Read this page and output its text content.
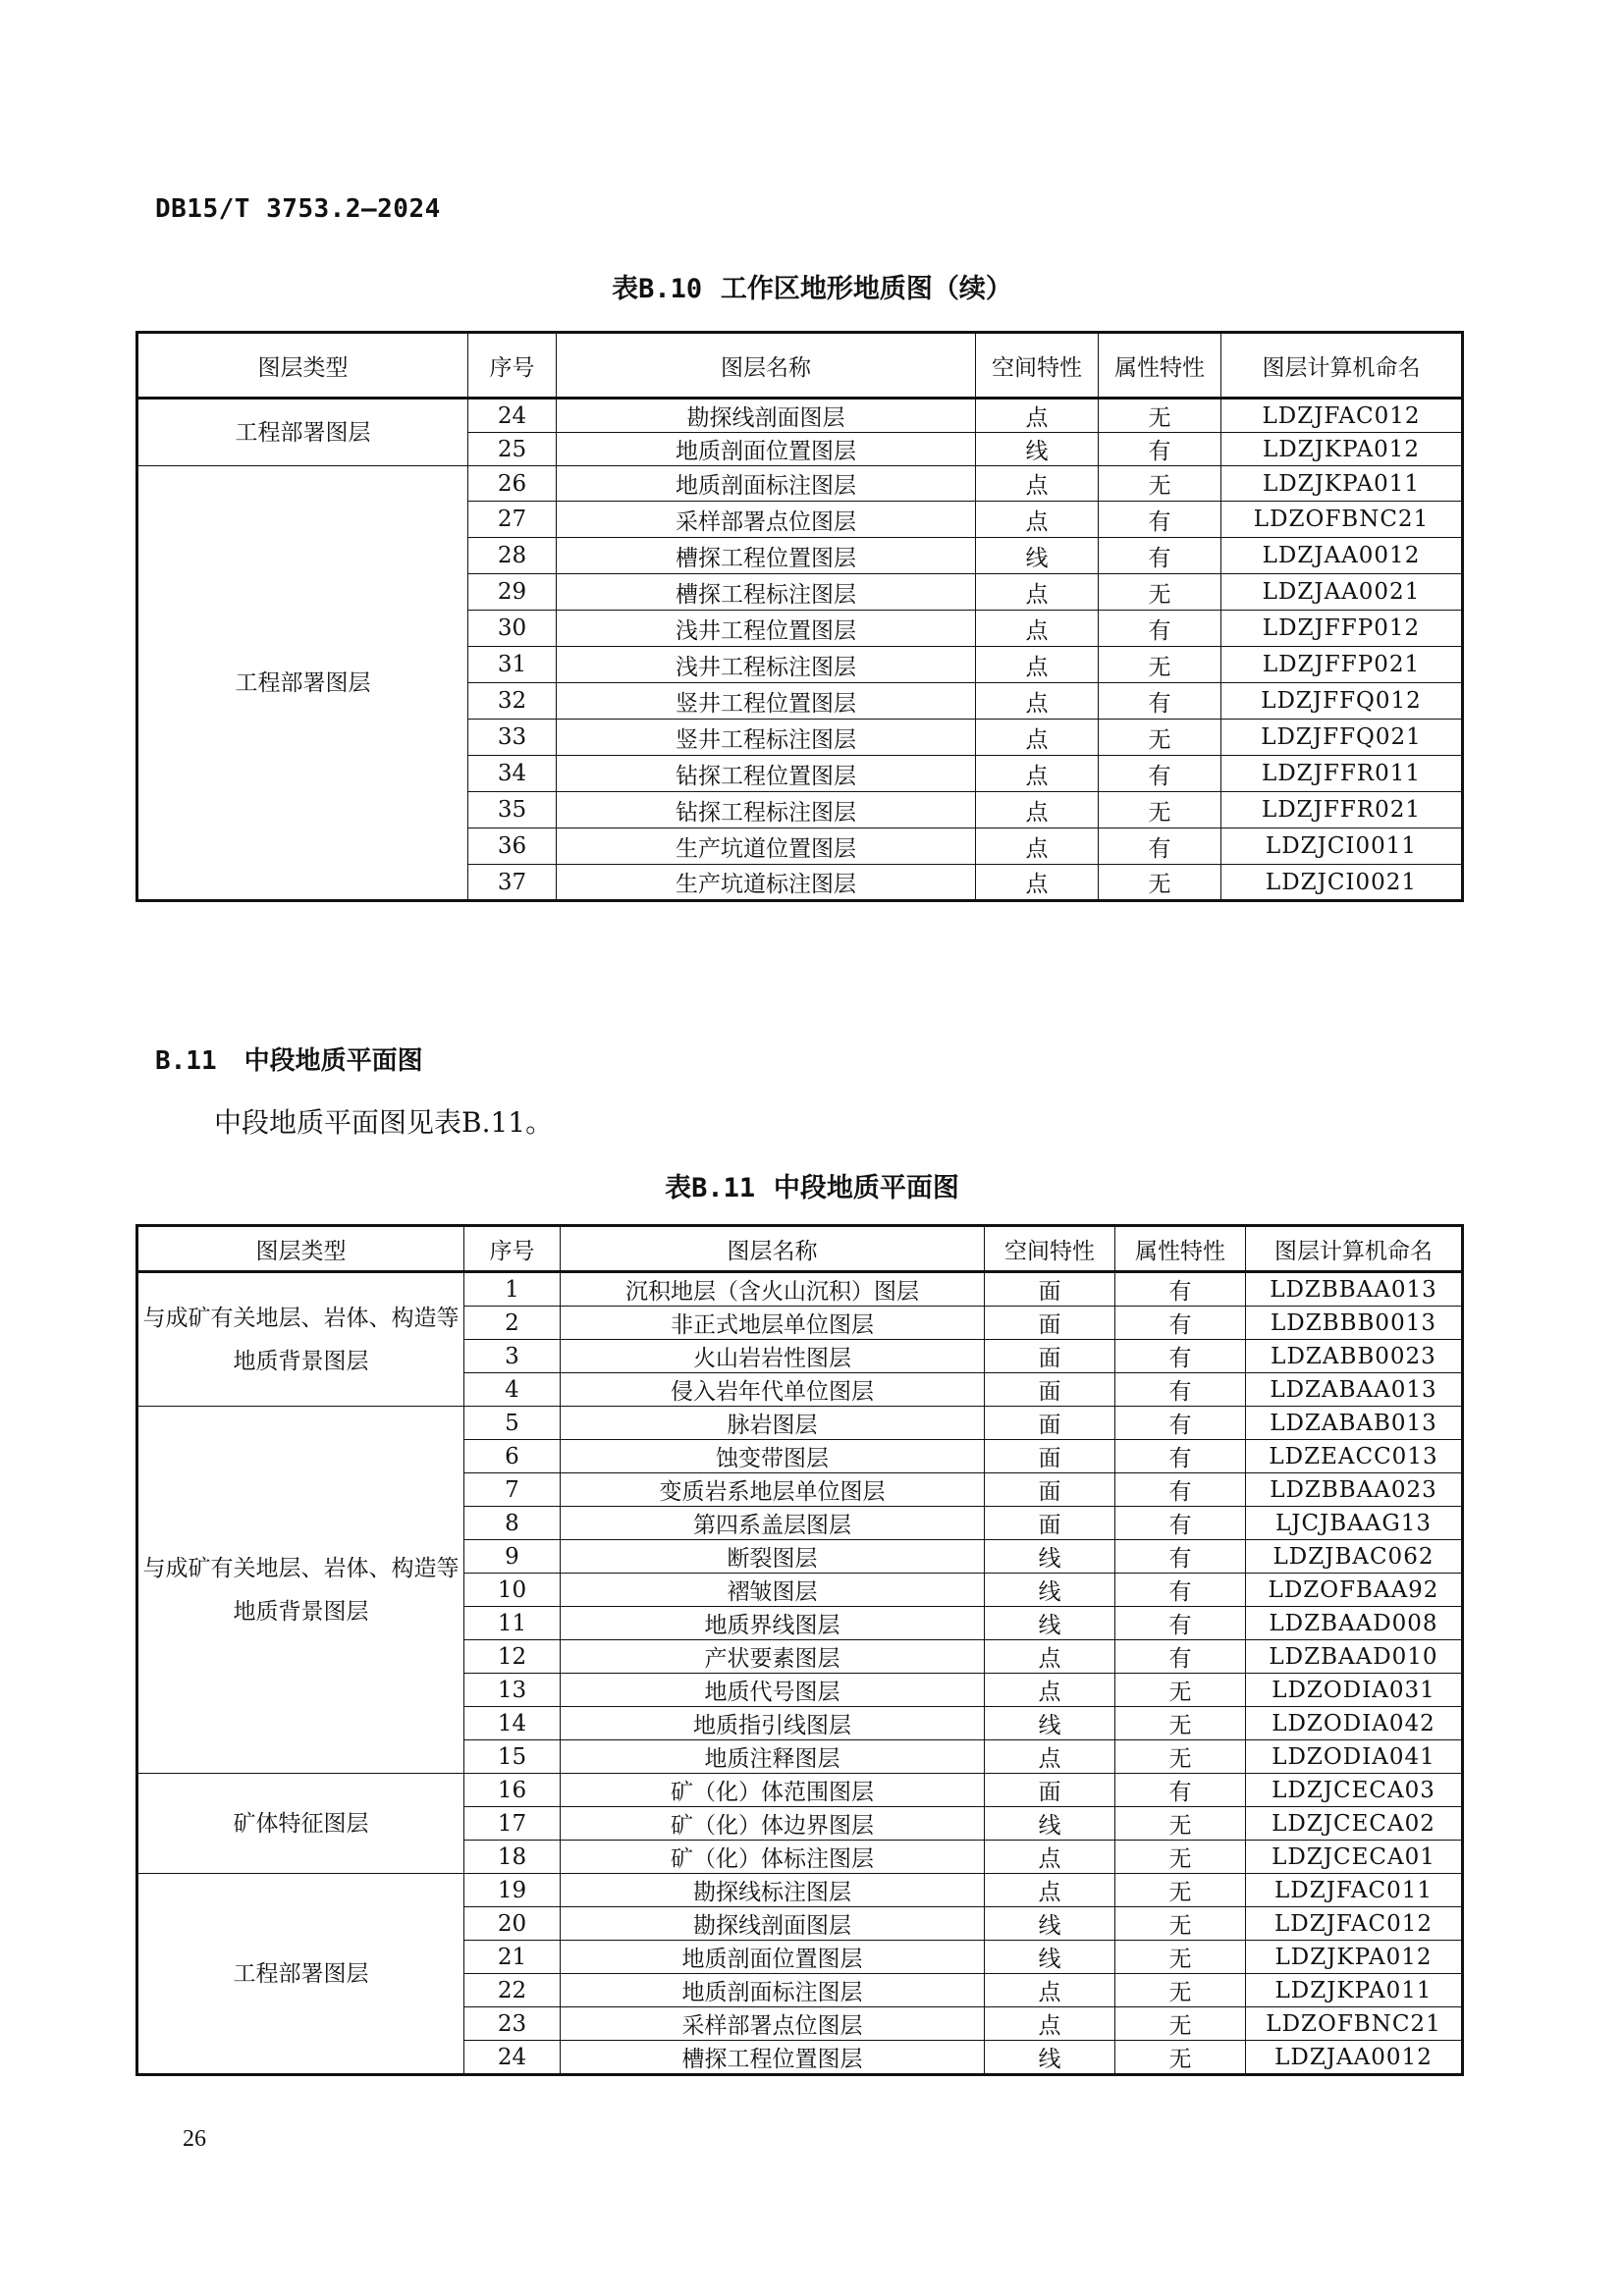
DB15/T 3753.2—2024
表B.10 工作区地形地质图（续）
图层类型	序号	图层名称	空间特性	属性特性	图层计算机命名
工程部署图层	24	勘探线剖面图层	点	无	LDZJFAC012
	25	地质剖面位置图层	线	有	LDZJKPA012
工程部署图层	26	地质剖面标注图层	点	无	LDZJKPA011
	27	采样部署点位图层	点	有	LDZOFBNC21
	28	槽探工程位置图层	线	有	LDZJAA0012
	29	槽探工程标注图层	点	无	LDZJAA0021
	30	浅井工程位置图层	点	有	LDZJFFP012
	31	浅井工程标注图层	点	无	LDZJFFP021
	32	竖井工程位置图层	点	有	LDZJFFQ012
	33	竖井工程标注图层	点	无	LDZJFFQ021
	34	钻探工程位置图层	点	有	LDZJFFR011
	35	钻探工程标注图层	点	无	LDZJFFR021
	36	生产坑道位置图层	点	有	LDZJCI0011
	37	生产坑道标注图层	点	无	LDZJCI0021
B.11 中段地质平面图
中段地质平面图见表B.11。
表B.11 中段地质平面图
图层类型	序号	图层名称	空间特性	属性特性	图层计算机命名
与成矿有关地层、岩体、构造等地质背景图层	1	沉积地层（含火山沉积）图层	面	有	LDZBBAA013
	2	非正式地层单位图层	面	有	LDZBBB0013
	3	火山岩岩性图层	面	有	LDZABB0023
	4	侵入岩年代单位图层	面	有	LDZABAA013
与成矿有关地层、岩体、构造等地质背景图层	5	脉岩图层	面	有	LDZABAB013
	6	蚀变带图层	面	有	LDZEACC013
	7	变质岩系地层单位图层	面	有	LDZBBAA023
	8	第四系盖层图层	面	有	LJCJBAAG13
	9	断裂图层	线	有	LDZJBAC062
	10	褶皱图层	线	有	LDZOFBAA92
	11	地质界线图层	线	有	LDZBAAD008
	12	产状要素图层	点	有	LDZBAAD010
	13	地质代号图层	点	无	LDZODIA031
	14	地质指引线图层	线	无	LDZODIA042
	15	地质注释图层	点	无	LDZODIA041
矿体特征图层	16	矿（化）体范围图层	面	有	LDZJCECA03
	17	矿（化）体边界图层	线	无	LDZJCECA02
	18	矿（化）体标注图层	点	无	LDZJCECA01
工程部署图层	19	勘探线标注图层	点	无	LDZJFAC011
	20	勘探线剖面图层	线	无	LDZJFAC012
	21	地质剖面位置图层	线	无	LDZJKPA012
	22	地质剖面标注图层	点	无	LDZJKPA011
	23	采样部署点位图层	点	无	LDZOFBNC21
	24	槽探工程位置图层	线	无	LDZJAA0012
26
